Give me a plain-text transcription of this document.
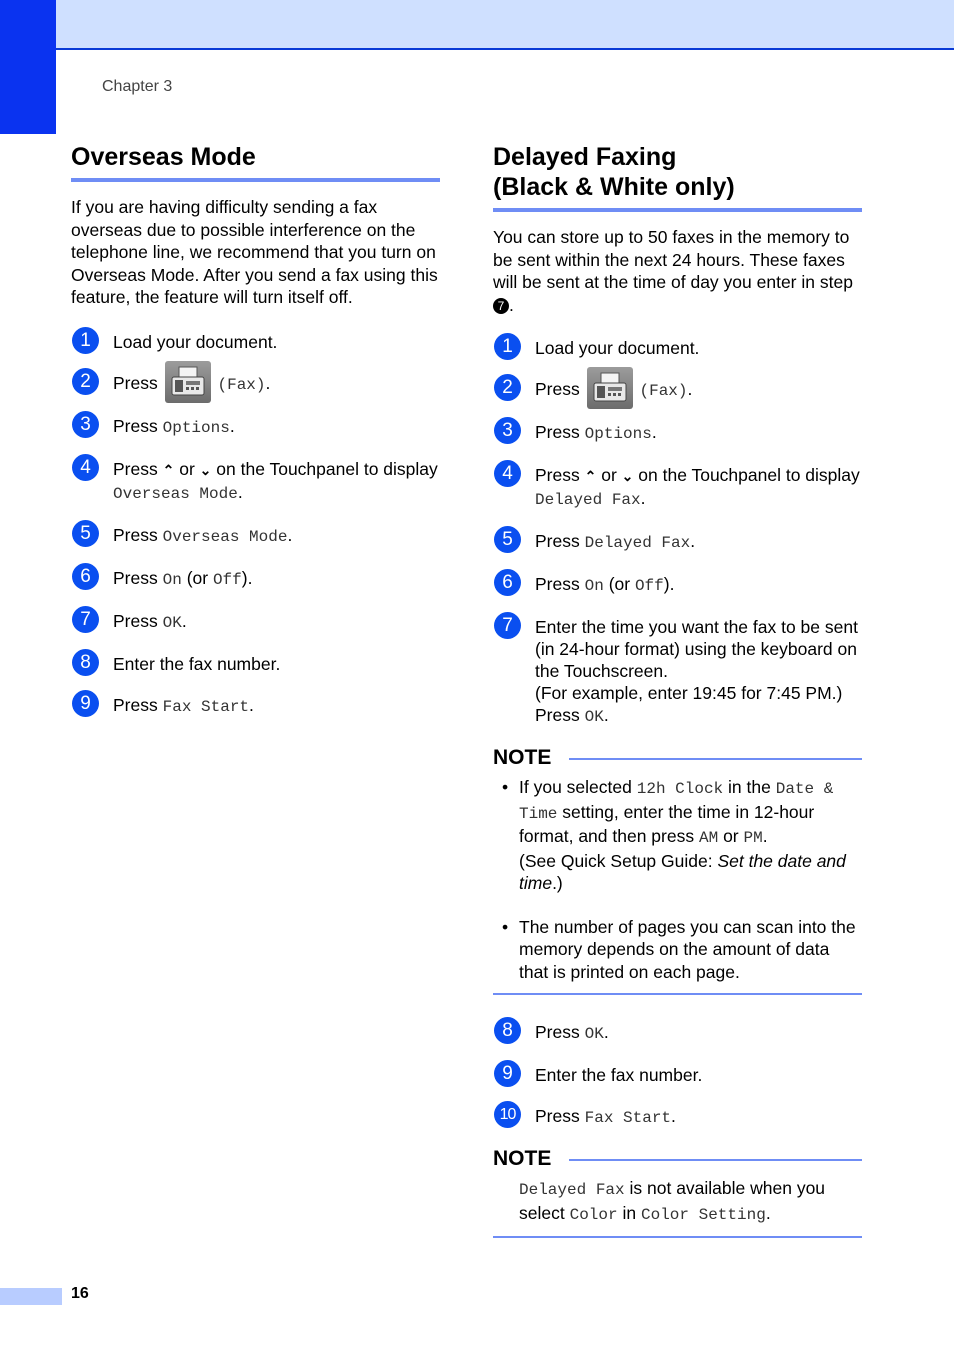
Chapter 3
Overseas Mode

If you are having difficulty sending a fax overseas due to possible interference on the telephone line, we recommend that you turn on Overseas Mode. After you send a fax using this feature, the feature will turn itself off.

1	Load your document.
2	Press	(Fax).
3	Press Options.
4	Press ⌃ or ⌄ on the Touchpanel to display Overseas Mode.
5	Press Overseas Mode.
6	Press On (or Off).
7	Press OK.
8	Enter the fax number.
9	Press Fax Start.
Delayed Faxing
(Black & White only)

You can store up to 50 faxes in the memory to be sent within the next 24 hours. These faxes will be sent at the time of day you enter in step 7 .

1	Load your document.
2	Press	(Fax).
3	Press Options.
4	Press ⌃ or ⌄ on the Touchpanel to display Delayed Fax.
5	Press Delayed Fax.
6	Press On (or Off).
7	Enter the time you want the fax to be sent (in 24-hour format) using the keyboard on the Touchscreen.
(For example, enter 19:45 for 7:45 PM.)
Press OK.
NOTE
• If you selected 12h Clock in the Date & Time setting, enter the time in 12-hour format, and then press AM or PM.
(See Quick Setup Guide: Set the date and time.)
• The number of pages you can scan into the memory depends on the amount of data that is printed on each page.
8	Press OK.
9	Enter the fax number.
10	Press Fax Start.
NOTE
Delayed Fax is not available when you select Color in Color Setting.
16
